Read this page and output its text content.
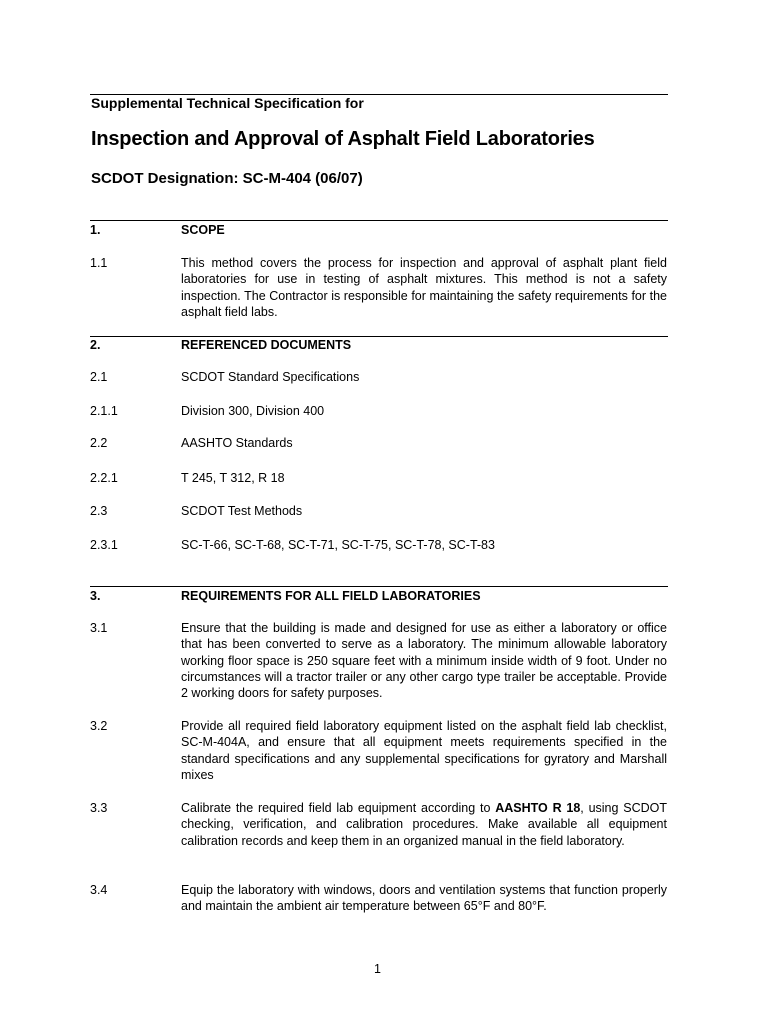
Supplemental Technical Specification for
Inspection and Approval of Asphalt Field Laboratories
SCDOT Designation: SC-M-404 (06/07)
1.	SCOPE
1.1	This method covers the process for inspection and approval of asphalt plant field laboratories for use in testing of asphalt mixtures. This method is not a safety inspection. The Contractor is responsible for maintaining the safety requirements for the asphalt field labs.
2.	REFERENCED DOCUMENTS
2.1	SCDOT Standard Specifications
2.1.1	Division 300, Division 400
2.2	AASHTO Standards
2.2.1	T 245, T 312, R 18
2.3	SCDOT Test Methods
2.3.1	SC-T-66, SC-T-68, SC-T-71, SC-T-75, SC-T-78, SC-T-83
3.	REQUIREMENTS FOR ALL FIELD LABORATORIES
3.1	Ensure that the building is made and designed for use as either a laboratory or office that has been converted to serve as a laboratory. The minimum allowable laboratory working floor space is 250 square feet with a minimum inside width of 9 foot. Under no circumstances will a tractor trailer or any other cargo type trailer be acceptable. Provide 2 working doors for safety purposes.
3.2	Provide all required field laboratory equipment listed on the asphalt field lab checklist, SC-M-404A, and ensure that all equipment meets requirements specified in the standard specifications and any supplemental specifications for gyratory and Marshall mixes
3.3	Calibrate the required field lab equipment according to AASHTO R 18, using SCDOT checking, verification, and calibration procedures. Make available all equipment calibration records and keep them in an organized manual in the field laboratory.
3.4	Equip the laboratory with windows, doors and ventilation systems that function properly and maintain the ambient air temperature between 65°F and 80°F.
1
